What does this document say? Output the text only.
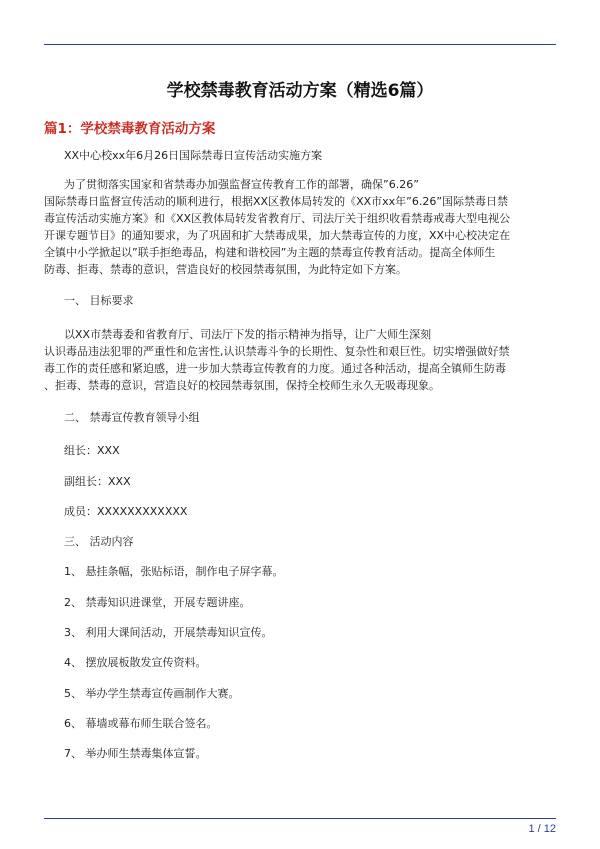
学校禁毒教育活动方案（精选6篇）
篇1：学校禁毒教育活动方案

XX中心校xx年6月26日国际禁毒日宣传活动实施方案

为了贯彻落实国家和省禁毒办加强监督宣传教育工作的部署，确保”6.26”

国际禁毒日监督宣传活动的顺利进行，根据XX区教体局转发的《XX市xx年”6.26”国际禁毒日禁

毒宣传活动实施方案》和《XX区教体局转发省教育厅、司法厅关于组织收看禁毒戒毒大型电视公

开课专题节目》的通知要求，为了巩固和扩大禁毒成果，加大禁毒宣传的力度，XX中心校决定在

全镇中小学掀起以”联手拒绝毒品，构建和谐校园”为主题的禁毒宣传教育活动。提高全体师生

防毒、拒毒、禁毒的意识，营造良好的校园禁毒氛围，为此特定如下方案。

一、 目标要求

以XX市禁毒委和省教育厅、司法厅下发的指示精神为指导，让广大师生深刻

认识毒品违法犯罪的严重性和危害性,认识禁毒斗争的长期性、复杂性和艰巨性。切实增强做好禁

毒工作的责任感和紧迫感，进一步加大禁毒宣传教育的力度。通过各种活动，提高全镇师生防毒

、拒毒、禁毒的意识，营造良好的校园禁毒氛围，保持全校师生永久无吸毒现象。

二、 禁毒宣传教育领导小组

组长：XXX

副组长：XXX

成员：XXXXXXXXXXXX

三、 活动内容

1、 悬挂条幅，张贴标语，制作电子屏字幕。

2、 禁毒知识进课堂，开展专题讲座。

3、 利用大课间活动，开展禁毒知识宣传。

4、 摆放展板散发宣传资料。

5、 举办学生禁毒宣传画制作大赛。

6、 幕墙或幕布师生联合签名。

7、 举办师生禁毒集体宣誓。

1 / 12
